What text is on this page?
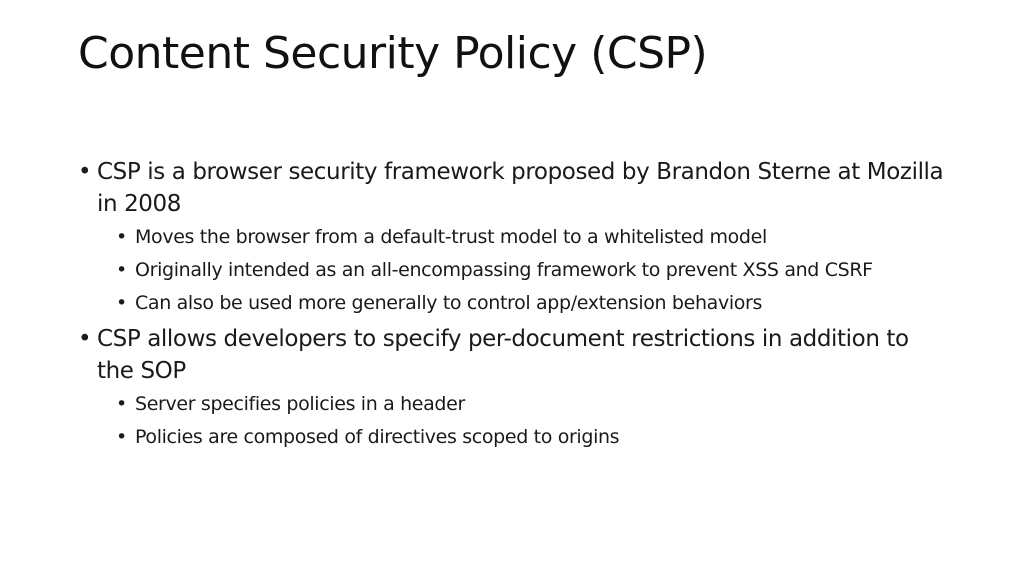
Content Security Policy (CSP)
• CSP is a browser security framework proposed by Brandon Sterne at Mozilla in 2008
• Moves the browser from a default-trust model to a whitelisted model
• Originally intended as an all-encompassing framework to prevent XSS and CSRF
• Can also be used more generally to control app/extension behaviors
• CSP allows developers to specify per-document restrictions in addition to the SOP
• Server specifies policies in a header
• Policies are composed of directives scoped to origins
